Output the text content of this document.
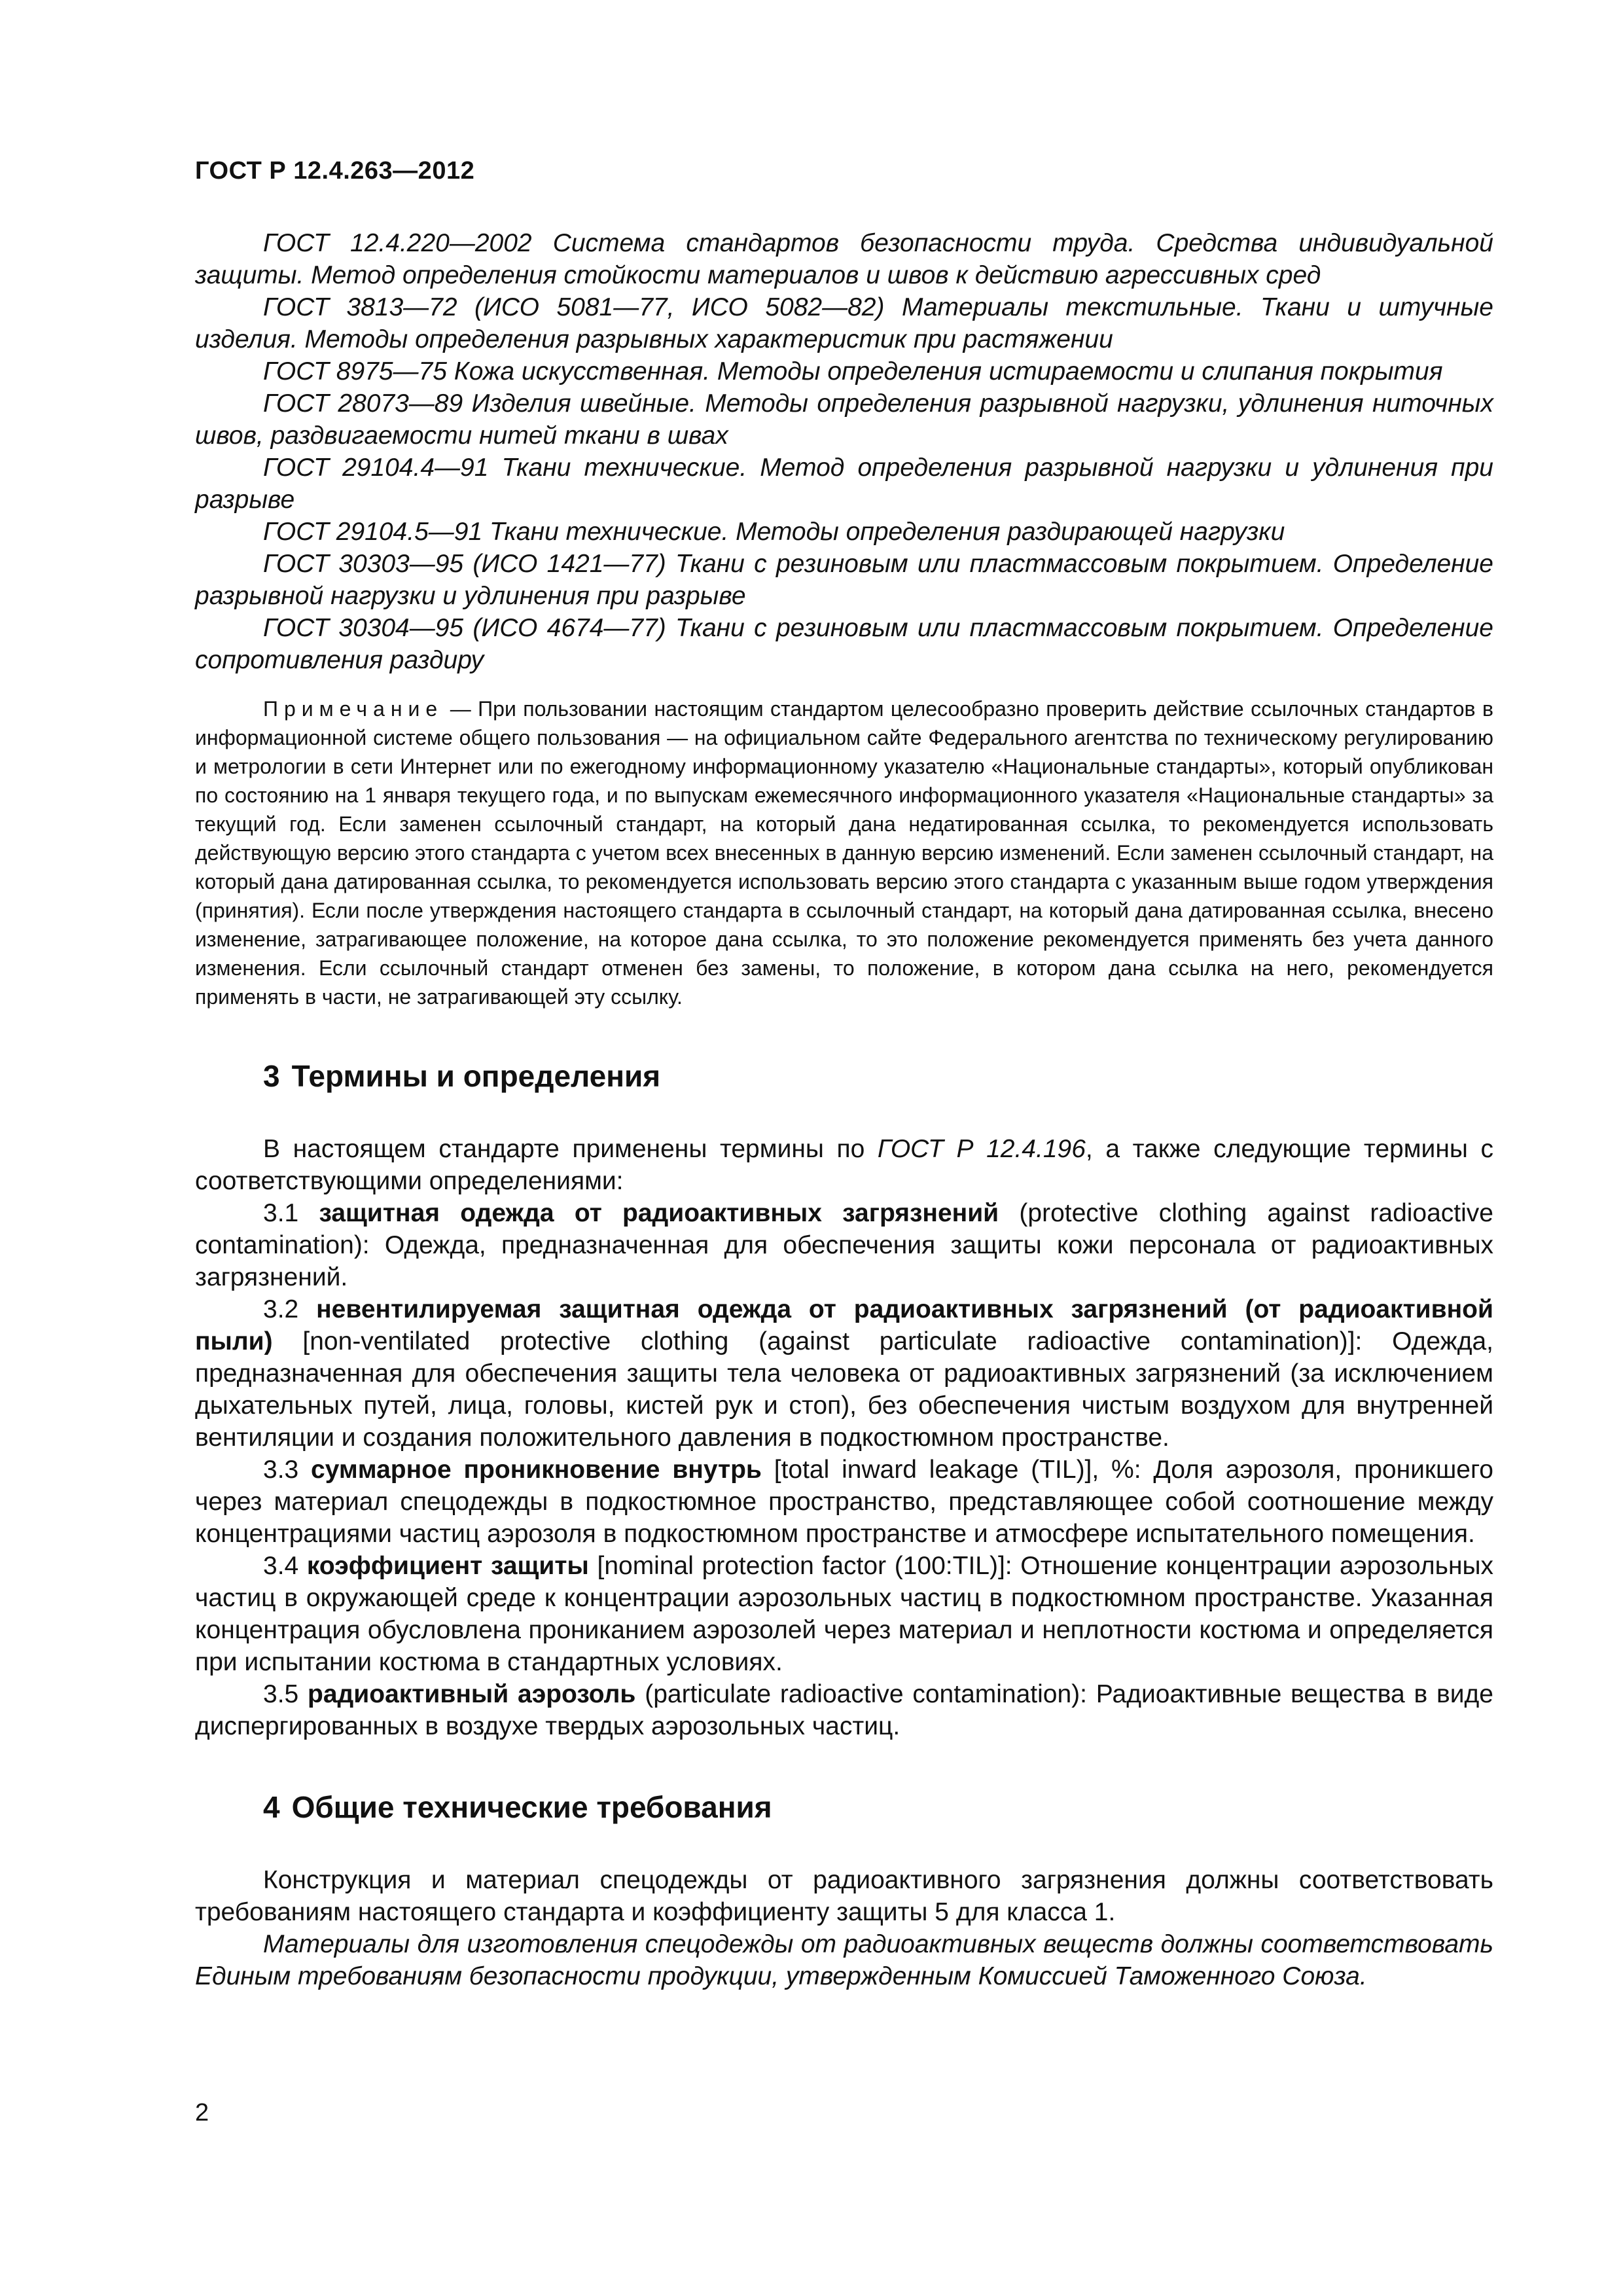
ГОСТ Р 12.4.263—2012

ГОСТ 12.4.220—2002 Система стандартов безопасности труда. Средства индивидуальной защиты. Метод определения стойкости материалов и швов к действию агрессивных сред

ГОСТ 3813—72 (ИСО 5081—77, ИСО 5082—82) Материалы текстильные. Ткани и штучные изделия. Методы определения разрывных характеристик при растяжении

ГОСТ 8975—75 Кожа искусственная. Методы определения истираемости и слипания покрытия

ГОСТ 28073—89 Изделия швейные. Методы определения разрывной нагрузки, удлинения ниточных швов, раздвигаемости нитей ткани в швах

ГОСТ 29104.4—91 Ткани технические. Метод определения разрывной нагрузки и удлинения при разрыве

ГОСТ 29104.5—91 Ткани технические. Методы определения раздирающей нагрузки

ГОСТ 30303—95 (ИСО 1421—77) Ткани с резиновым или пластмассовым покрытием. Определение разрывной нагрузки и удлинения при разрыве

ГОСТ 30304—95 (ИСО 4674—77) Ткани с резиновым или пластмассовым покрытием. Определение сопротивления раздиру

Примечание — При пользовании настоящим стандартом целесообразно проверить действие ссылочных стандартов в информационной системе общего пользования — на официальном сайте Федерального агентства по техническому регулированию и метрологии в сети Интернет или по ежегодному информационному указателю «Национальные стандарты», который опубликован по состоянию на 1 января текущего года, и по выпускам ежемесячного информационного указателя «Национальные стандарты» за текущий год. Если заменен ссылочный стандарт, на который дана недатированная ссылка, то рекомендуется использовать действующую версию этого стандарта с учетом всех внесенных в данную версию изменений. Если заменен ссылочный стандарт, на который дана датированная ссылка, то рекомендуется использовать версию этого стандарта с указанным выше годом утверждения (принятия). Если после утверждения настоящего стандарта в ссылочный стандарт, на который дана датированная ссылка, внесено изменение, затрагивающее положение, на которое дана ссылка, то это положение рекомендуется применять без учета данного изменения. Если ссылочный стандарт отменен без замены, то положение, в котором дана ссылка на него, рекомендуется применять в части, не затрагивающей эту ссылку.

3 Термины и определения

В настоящем стандарте применены термины по ГОСТ Р 12.4.196, а также следующие термины с соответствующими определениями:

3.1 защитная одежда от радиоактивных загрязнений (protective clothing against radioactive contamination): Одежда, предназначенная для обеспечения защиты кожи персонала от радиоактивных загрязнений.

3.2 невентилируемая защитная одежда от радиоактивных загрязнений (от радиоактивной пыли) [non-ventilated protective clothing (against particulate radioactive contamination)]: Одежда, предназначенная для обеспечения защиты тела человека от радиоактивных загрязнений (за исключением дыхательных путей, лица, головы, кистей рук и стоп), без обеспечения чистым воздухом для внутренней вентиляции и создания положительного давления в подкостюмном пространстве.

3.3 суммарное проникновение внутрь [total inward leakage (TIL)], %: Доля аэрозоля, проникшего через материал спецодежды в подкостюмное пространство, представляющее собой соотношение между концентрациями частиц аэрозоля в подкостюмном пространстве и атмосфере испытательного помещения.

3.4 коэффициент защиты [nominal protection factor (100:TIL)]: Отношение концентрации аэрозольных частиц в окружающей среде к концентрации аэрозольных частиц в подкостюмном пространстве. Указанная концентрация обусловлена прониканием аэрозолей через материал и неплотности костюма и определяется при испытании костюма в стандартных условиях.

3.5 радиоактивный аэрозоль (particulate radioactive contamination): Радиоактивные вещества в виде диспергированных в воздухе твердых аэрозольных частиц.

4 Общие технические требования

Конструкция и материал спецодежды от радиоактивного загрязнения должны соответствовать требованиям настоящего стандарта и коэффициенту защиты 5 для класса 1.

Материалы для изготовления спецодежды от радиоактивных веществ должны соответствовать Единым требованиям безопасности продукции, утвержденным Комиссией Таможенного Союза.

2
